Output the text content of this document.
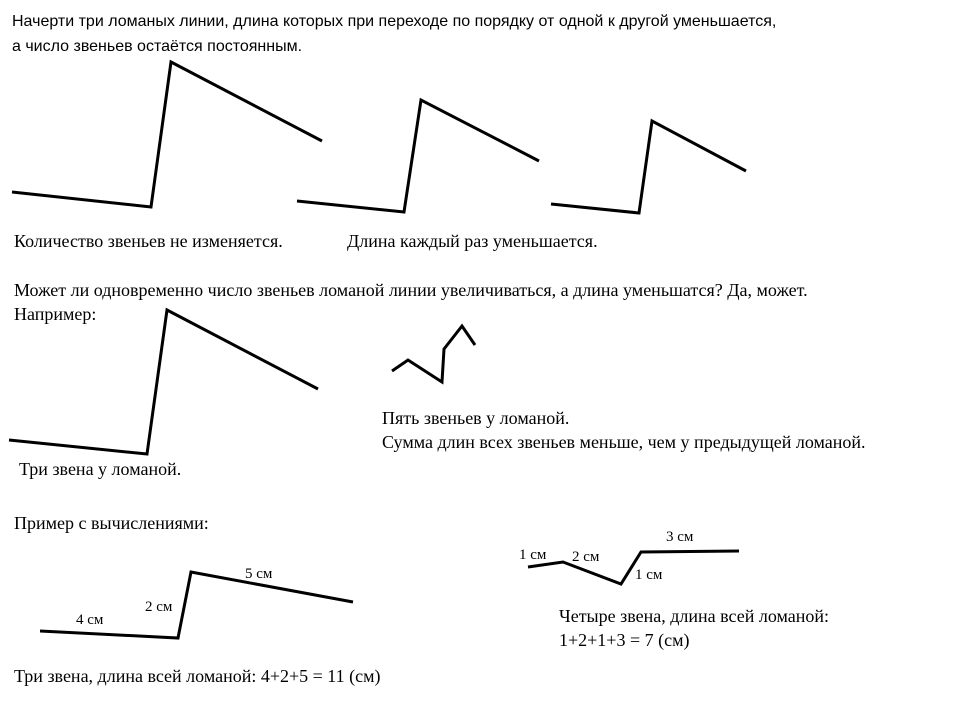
Начерти три ломаных линии, длина которых при переходе по порядку от одной к другой уменьшается,
а число звеньев остаётся постоянным.
Количество звеньев не изменяется.	Длина каждый раз уменьшается.
Может ли одновременно число звеньев ломаной линии увеличиваться, а длина уменьшатся? Да, может.
Например:
Три звена у ломаной.
Пять звеньев у ломаной.
Сумма длин всех звеньев меньше, чем у предыдущей ломаной.
Пример с вычислениями:
4 см
2 см
5 см
Три звена, длина всей ломаной: 4+2+5 = 11 (см)
1 см 2 см
1 см
3 см
Четыре звена, длина всей ломаной:
1+2+1+3 = 7 (см)
